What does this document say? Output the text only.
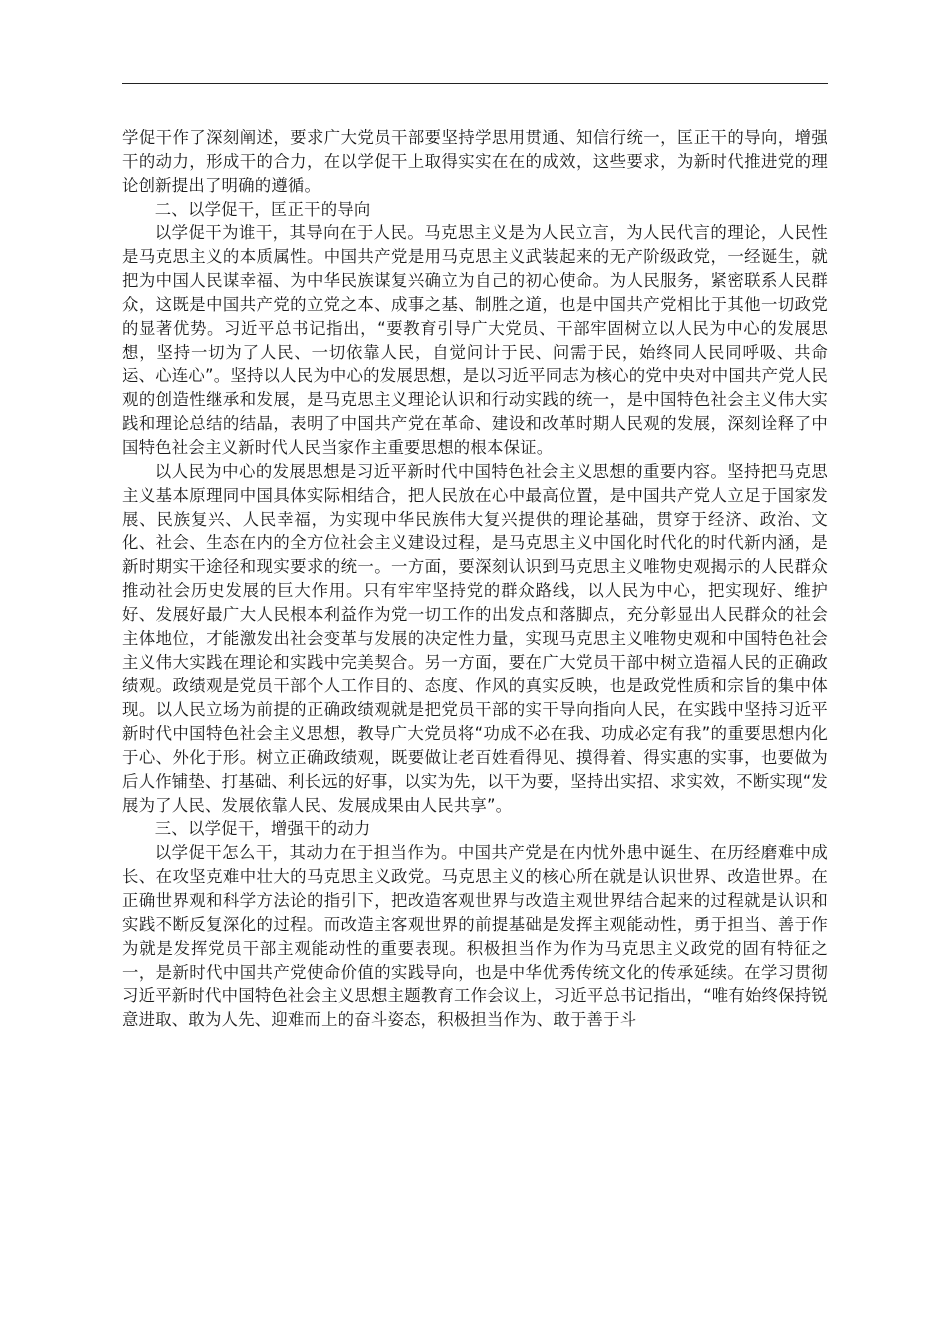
学促干作了深刻阐述，要求广大党员干部要坚持学思用贯通、知信行统一，匡正干的导向，增强干的动力，形成干的合力，在以学促干上取得实实在在的成效，这些要求，为新时代推进党的理论创新提出了明确的遵循。

二、以学促干，匡正干的导向

以学促干为谁干，其导向在于人民。马克思主义是为人民立言，为人民代言的理论，人民性是马克思主义的本质属性。中国共产党是用马克思主义武装起来的无产阶级政党，一经诞生，就把为中国人民谋幸福、为中华民族谋复兴确立为自己的初心使命。为人民服务，紧密联系人民群众，这既是中国共产党的立党之本、成事之基、制胜之道，也是中国共产党相比于其他一切政党的显著优势。习近平总书记指出，“要教育引导广大党员、干部牢固树立以人民为中心的发展思想，坚持一切为了人民、一切依靠人民，自觉问计于民、问需于民，始终同人民同呼吸、共命运、心连心”。坚持以人民为中心的发展思想，是以习近平同志为核心的党中央对中国共产党人民观的创造性继承和发展，是马克思主义理论认识和行动实践的统一，是中国特色社会主义伟大实践和理论总结的结晶，表明了中国共产党在革命、建设和改革时期人民观的发展，深刻诠释了中国特色社会主义新时代人民当家作主重要思想的根本保证。

以人民为中心的发展思想是习近平新时代中国特色社会主义思想的重要内容。坚持把马克思主义基本原理同中国具体实际相结合，把人民放在心中最高位置，是中国共产党人立足于国家发展、民族复兴、人民幸福，为实现中华民族伟大复兴提供的理论基础，贯穿于经济、政治、文化、社会、生态在内的全方位社会主义建设过程，是马克思主义中国化时代化的时代新内涵，是新时期实干途径和现实要求的统一。一方面，要深刻认识到马克思主义唯物史观揭示的人民群众推动社会历史发展的巨大作用。只有牢牢坚持党的群众路线，以人民为中心，把实现好、维护好、发展好最广大人民根本利益作为党一切工作的出发点和落脚点，充分彰显出人民群众的社会主体地位，才能激发出社会变革与发展的决定性力量，实现马克思主义唯物史观和中国特色社会主义伟大实践在理论和实践中完美契合。另一方面，要在广大党员干部中树立造福人民的正确政绩观。政绩观是党员干部个人工作目的、态度、作风的真实反映，也是政党性质和宗旨的集中体现。以人民立场为前提的正确政绩观就是把党员干部的实干导向指向人民，在实践中坚持习近平新时代中国特色社会主义思想，教导广大党员将“功成不必在我、功成必定有我”的重要思想内化于心、外化于形。树立正确政绩观，既要做让老百姓看得见、摸得着、得实惠的实事，也要做为后人作铺垫、打基础、利长远的好事，以实为先，以干为要，坚持出实招、求实效，不断实现“发展为了人民、发展依靠人民、发展成果由人民共享”。

三、以学促干，增强干的动力

以学促干怎么干，其动力在于担当作为。中国共产党是在内忧外患中诞生、在历经磨难中成长、在攻坚克难中壮大的马克思主义政党。马克思主义的核心所在就是认识世界、改造世界。在正确世界观和科学方法论的指引下，把改造客观世界与改造主观世界结合起来的过程就是认识和实践不断反复深化的过程。而改造主客观世界的前提基础是发挥主观能动性，勇于担当、善于作为就是发挥党员干部主观能动性的重要表现。积极担当作为作为马克思主义政党的固有特征之一，是新时代中国共产党使命价值的实践导向，也是中华优秀传统文化的传承延续。在学习贯彻习近平新时代中国特色社会主义思想主题教育工作会议上，习近平总书记指出，“唯有始终保持锐意进取、敢为人先、迎难而上的奋斗姿态，积极担当作为、敢于善于斗
